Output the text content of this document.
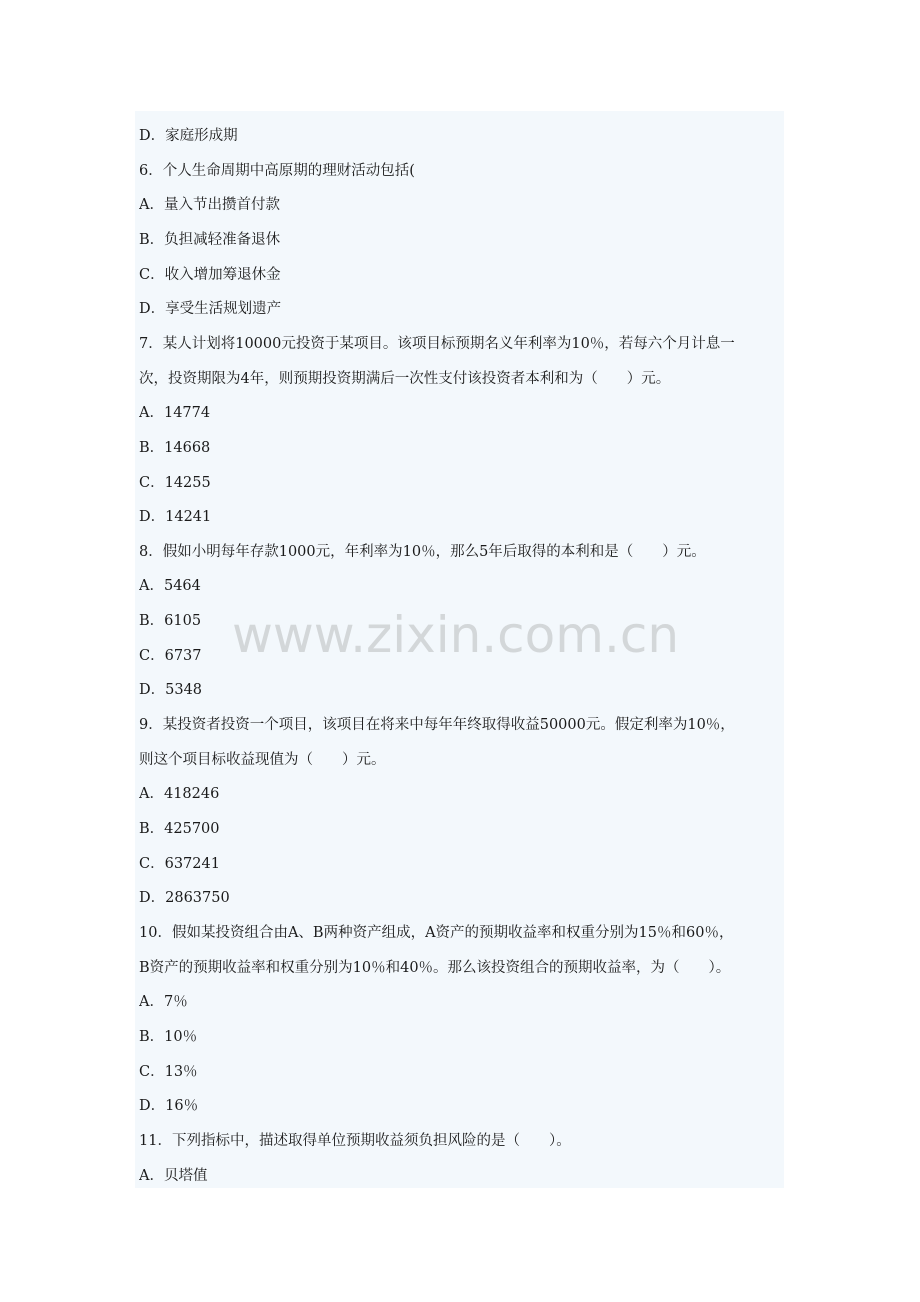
D．家庭形成期
6．个人生命周期中高原期的理财活动包括(
A．量入节出攒首付款
B．负担减轻准备退休
C．收入增加筹退休金
D．享受生活规划遗产
7．某人计划将10000元投资于某项目。该项目标预期名义年利率为10％，若每六个月计息一
次，投资期限为4年，则预期投资期满后一次性支付该投资者本利和为（　　）元。
A．14774
B．14668
C．14255
D．14241
8．假如小明每年存款1000元，年利率为10％，那么5年后取得的本利和是（　　）元。
A．5464
B．6105
C．6737
D．5348
9．某投资者投资一个项目，该项目在将来中每年年终取得收益50000元。假定利率为10％，
则这个项目标收益现值为（　　）元。
A．418246
B．425700
C．637241
D．2863750
10．假如某投资组合由A、B两种资产组成，A资产的预期收益率和权重分别为15％和60％，
B资产的预期收益率和权重分别为10％和40％。那么该投资组合的预期收益率，为（　　）。
A．7％
B．10％
C．13％
D．16％
11．下列指标中，描述取得单位预期收益须负担风险的是（　　）。
A．贝塔值
www.zixin.com.cn
